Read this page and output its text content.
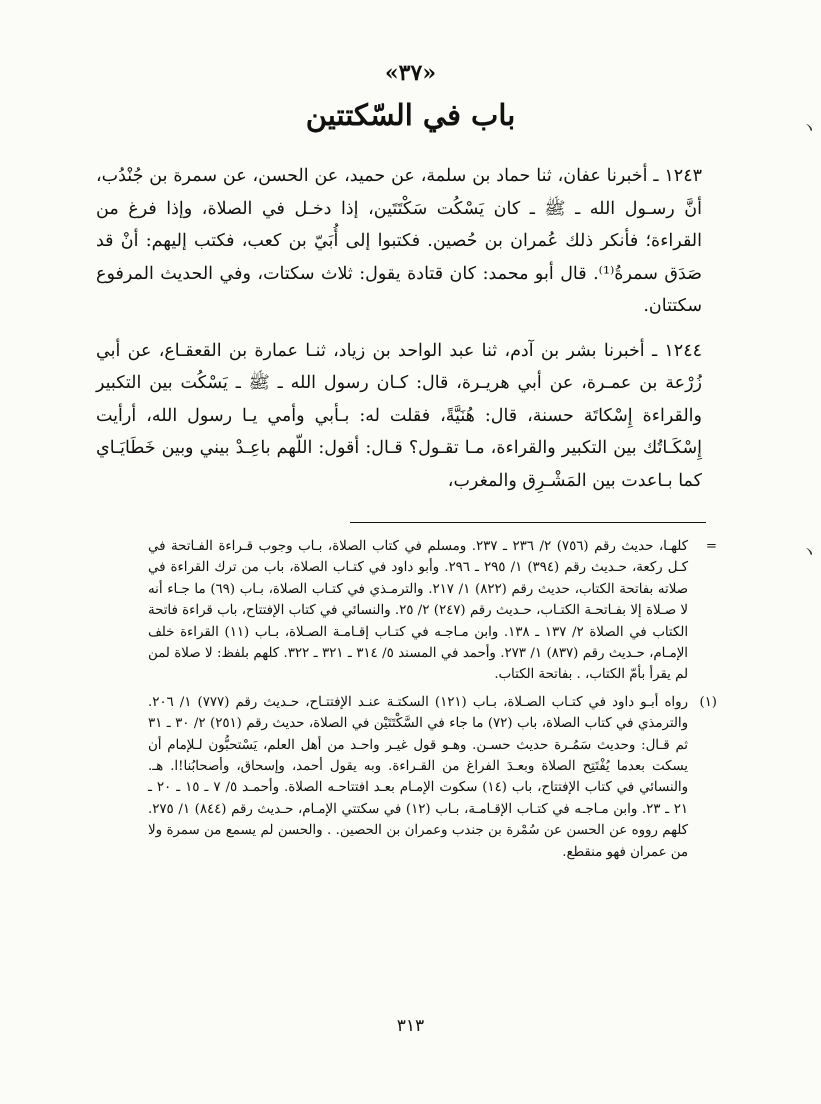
«٣٧»
باب في السّكتتين

١٢٤٣ ـ أخبرنا عفان، ثنا حماد بن سلمة، عن حميد، عن الحسن، عن سمرة بن جُنْدُب، أنَّ رسـول الله ـ ﷺ ـ كان يَسْكُت سَكْتَتَين، إذا دخـل في الصلاة، وإذا فرغ من القراءة؛ فأنكر ذلك عُمران بن حُصين. فكتبوا إلى أُبَيّ بن كعب، فكتب إليهم: أنْ قد صَدَق سمرةُ⁽¹⁾. قال أبو محمد: كان قتادة يقول: ثلاث سكتات، وفي الحديث المرفوع سكتتان.

١٢٤٤ ـ أخبرنا بشر بن آدم، ثنا عبد الواحد بن زياد، ثنـا عمارة بن القعقـاع، عن أبي زُرْعة بن عمـرة، عن أبي هريـرة، قال: كـان رسول الله ـ ﷺ ـ يَسْكُت بين التكبير والقراءة إِسْكاتَة حسنة، قال: هُنَيَّةً، فقلت له: بـأبي وأمي يـا رسول الله، أرأيت إِسْكَـاتُك بين التكبير والقراءة، مـا تقـول؟ قـال: أقول: اللّهم باعِـدْ بيني وبين خَطَايَـاي كما بـاعدت بين المَشْـرِق والمغرب،

=
كلهـا، حديث رقم (٧٥٦) ٢/ ٢٣٦ ـ ٢٣٧. ومسلم في كتاب الصلاة، بـاب وجوب قـراءة الفـاتحة في كـل ركعة، حـديث رقم (٣٩٤) ١/ ٢٩٥ ـ ٢٩٦. وأبو داود في كتـاب الصلاة، باب من ترك القراءة في صلاته بفاتحة الكتاب، حديث رقم (٨٢٢) ١/ ٢١٧. والترمـذي في كتـاب الصلاة، بـاب (٦٩) ما جـاء أنه لا صـلاة إلا بفـاتحـة الكتـاب، حـديث رقم (٢٤٧) ٢/ ٢٥. والنسائي في كتاب الإفتتاح، باب قراءة فاتحة الكتاب في الصلاة ٢/ ١٣٧ ـ ١٣٨. وابن مـاجـه في كتـاب إقـامـة الصـلاة، بـاب (١١) القراءة خلف الإمـام، حـديث رقم (٨٣٧) ١/ ٢٧٣. وأحمد في المسند ٥/ ٣١٤ ـ ٣٢١ ـ ٣٢٢. كلهم بلفظ: لا صلاة لمن لم يقرأ بأمّ الكتاب، . بفاتحة الكتاب.

(١)
رواه أبـو داود في كتـاب الصـلاة، بـاب (١٢١) السكتـة عنـد الإفتتـاح، حـديث رقم (٧٧٧) ١/ ٢٠٦. والترمذي في كتاب الصلاة، باب (٧٢) ما جاء في السَّكْتَتَيْن في الصلاة، حديث رقم (٢٥١) ٢/ ٣٠ ـ ٣١ ثم قـال: وحديث سَمُـرة حديث حسـن. وهـو قول غيـر واحـد من أهل العلم، يَسْتحبُّون لـلإمام أن يسكت بعدما يُفْتَتِح الصلاة وبعـدَ الفراغ من القـراءة. وبه يقول أحمد، وإسحاق، وأصحابُنا!ا. هـ. والنسائي في كتاب الإفتتاح، باب (١٤) سكوت الإمـام بعـد افتتاحـه الصلاة. وأحمـد ٥/ ٧ ـ ١٥ ـ ٢٠ ـ ٢١ ـ ٢٣. وابن مـاجـه في كتـاب الإقـامـة، بـاب (١٢) في سكتتي الإمـام، حـديث رقم (٨٤٤) ١/ ٢٧٥. كلهم رووه عن الحسن عن سُمْرة بن جندب وعمران بن الحصين. . والحسن لم يسمع من سمرة ولا من عمران فهو منقطع.

٣١٣
ヽ
ヽ
